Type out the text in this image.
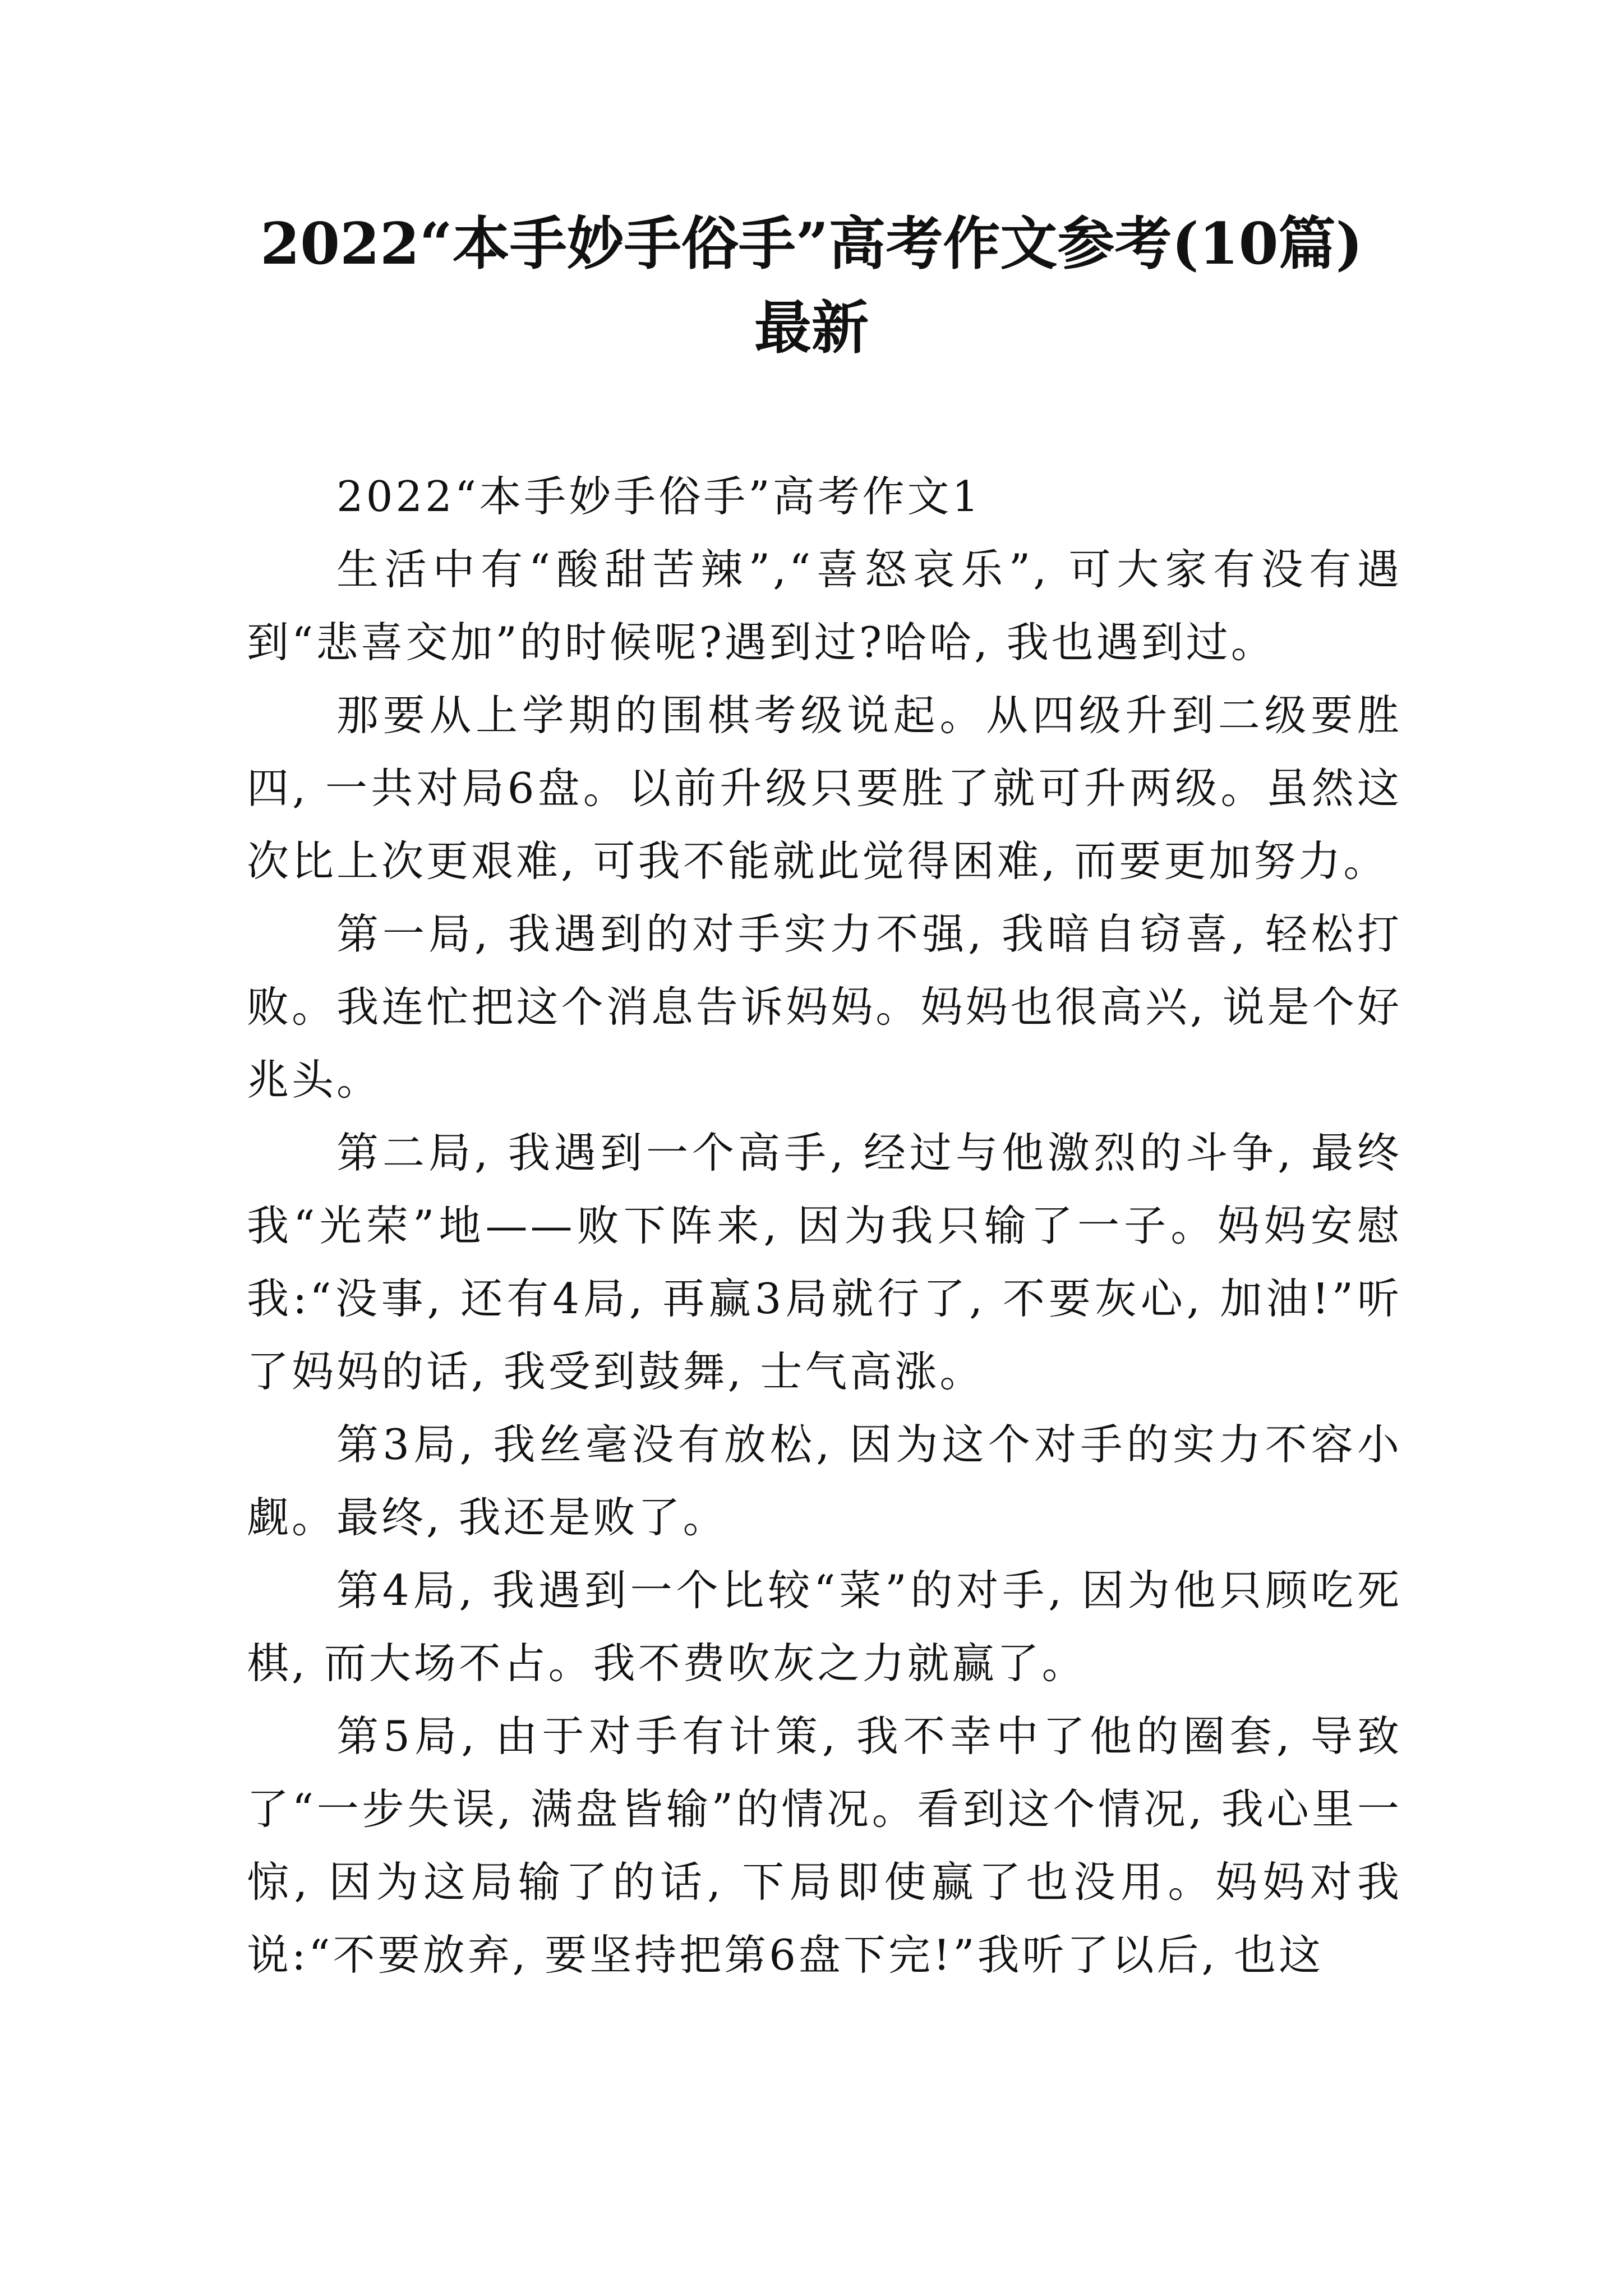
2022“本手妙手俗手”高考作文参考(10篇)
最新

2022“本手妙手俗手”高考作文1

生活中有“酸甜苦辣”,“喜怒哀乐”, 可大家有没有遇到“悲喜交加”的时候呢?遇到过?哈哈, 我也遇到过。

那要从上学期的围棋考级说起。从四级升到二级要胜四, 一共对局6盘。以前升级只要胜了就可升两级。虽然这次比上次更艰难, 可我不能就此觉得困难, 而要更加努力。

第一局, 我遇到的对手实力不强, 我暗自窃喜, 轻松打败。我连忙把这个消息告诉妈妈。妈妈也很高兴, 说是个好兆头。

第二局, 我遇到一个高手, 经过与他激烈的斗争, 最终我“光荣”地——败下阵来, 因为我只输了一子。妈妈安慰我:“没事, 还有4局, 再赢3局就行了, 不要灰心, 加油!”听了妈妈的话, 我受到鼓舞, 士气高涨。

第3局, 我丝毫没有放松, 因为这个对手的实力不容小觑。最终, 我还是败了。

第4局, 我遇到一个比较“菜”的对手, 因为他只顾吃死棋, 而大场不占。我不费吹灰之力就赢了。

第5局, 由于对手有计策, 我不幸中了他的圈套, 导致了“一步失误, 满盘皆输”的情况。看到这个情况, 我心里一惊, 因为这局输了的话, 下局即使赢了也没用。妈妈对我说:“不要放弃, 要坚持把第6盘下完!”我听了以后, 也这
